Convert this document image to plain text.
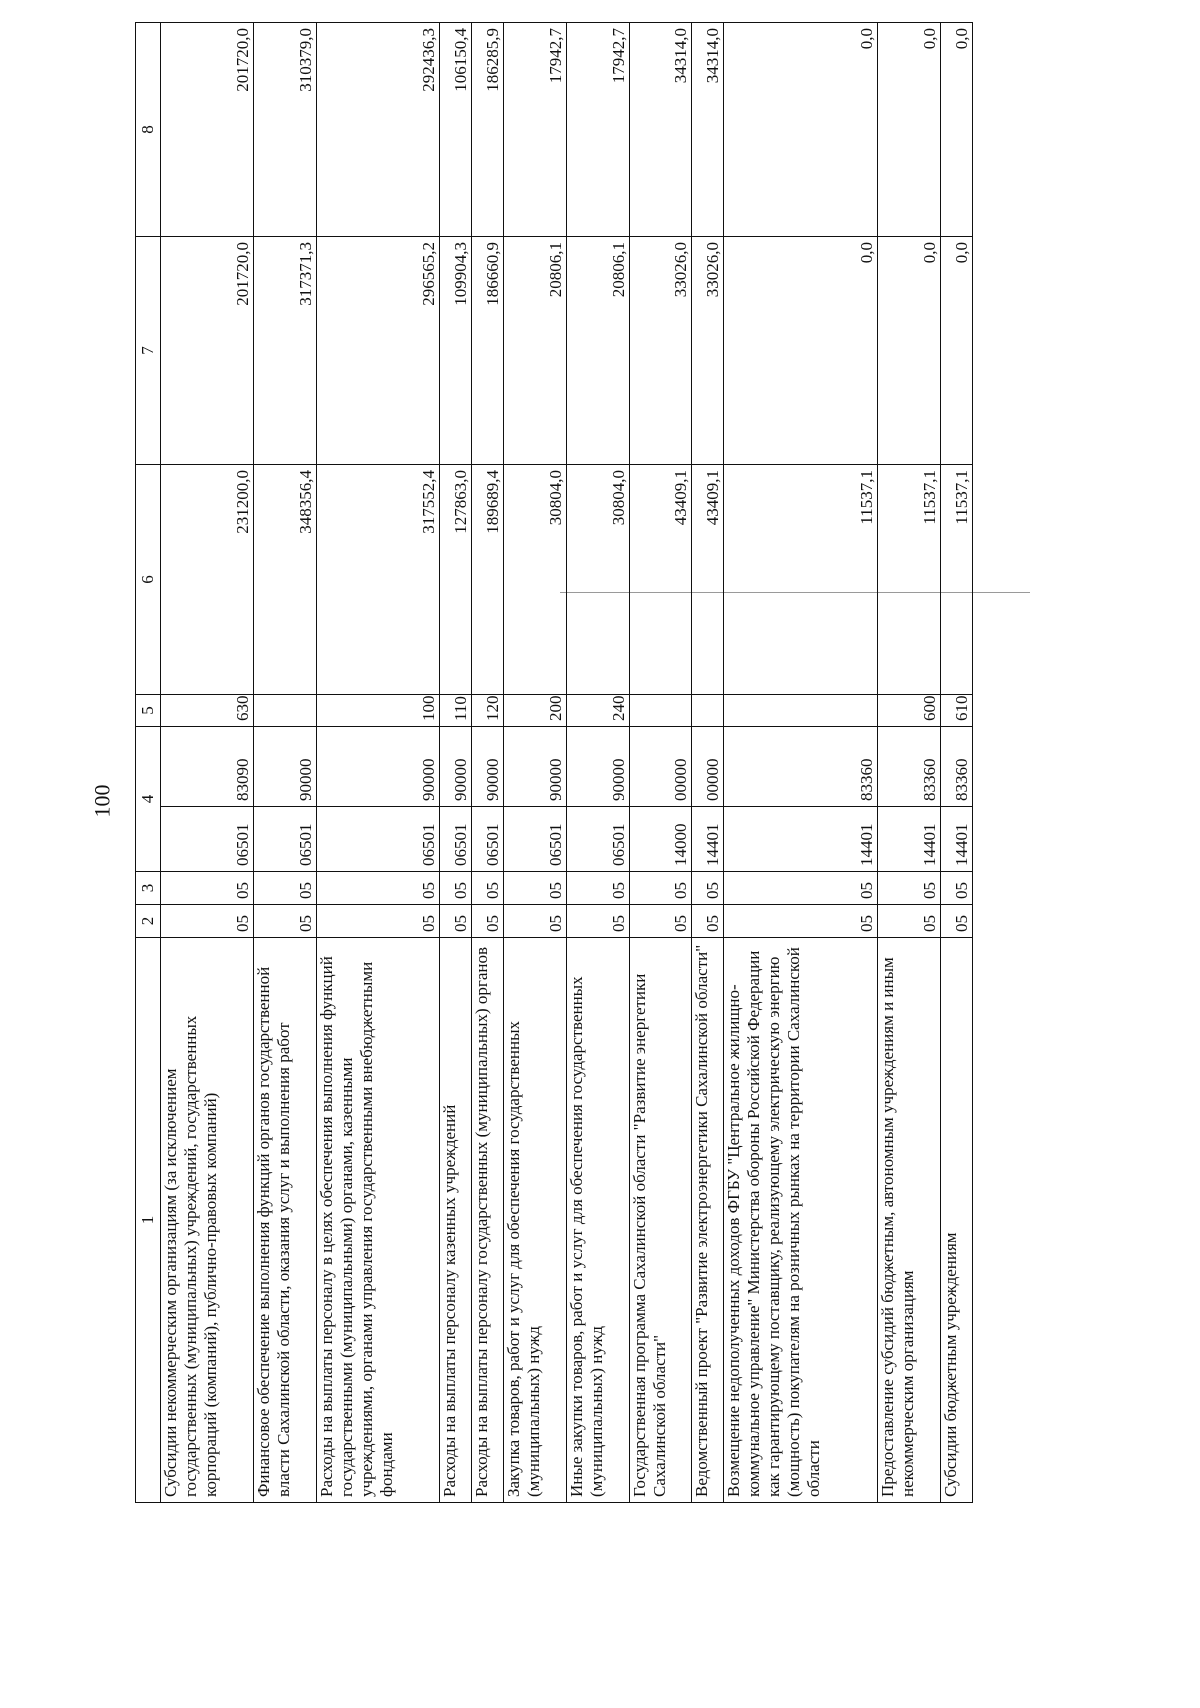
100
1	2	3	4		5	6	7	8
Субсидии некоммерческим организациям (за исключением государственных (муниципальных) учреждений, государственных корпораций (компаний), публично-правовых компаний)	05	05	06501	83090	630	231200,0	201720,0	201720,0
Финансовое обеспечение выполнения функций органов государственной власти Сахалинской области, оказания услуг и выполнения работ	05	05	06501	90000		348356,4	317371,3	310379,0
Расходы на выплаты персоналу в целях обеспечения выполнения функций государственными (муниципальными) органами, казенными учреждениями, органами управления государственными внебюджетными фондами	05	05	06501	90000	100	317552,4	296565,2	292436,3
Расходы на выплаты персоналу казенных учреждений	05	05	06501	90000	110	127863,0	109904,3	106150,4
Расходы на выплаты персоналу государственных (муниципальных) органов	05	05	06501	90000	120	189689,4	186660,9	186285,9
Закупка товаров, работ и услуг для обеспечения государственных (муниципальных) нужд	05	05	06501	90000	200	30804,0	20806,1	17942,7
Иные закупки товаров, работ и услуг для обеспечения государственных (муниципальных) нужд	05	05	06501	90000	240	30804,0	20806,1	17942,7
Государственная программа Сахалинской области "Развитие энергетики Сахалинской области"	05	05	14000	00000		43409,1	33026,0	34314,0
Ведомственный проект "Развитие электроэнергетики Сахалинской области"	05	05	14401	00000		43409,1	33026,0	34314,0
Возмещение недополученных доходов ФГБУ "Центральное жилищно-коммунальное управление" Министерства обороны Российской Федерации как гарантирующему поставщику, реализующему электрическую энергию (мощность) покупателям на розничных рынках на территории Сахалинской области	05	05	14401	83360		11537,1	0,0	0,0
Предоставление субсидий бюджетным, автономным учреждениям и иным некоммерческим организациям	05	05	14401	83360	600	11537,1	0,0	0,0
Субсидии бюджетным учреждениям	05	05	14401	83360	610	11537,1	0,0	0,0
